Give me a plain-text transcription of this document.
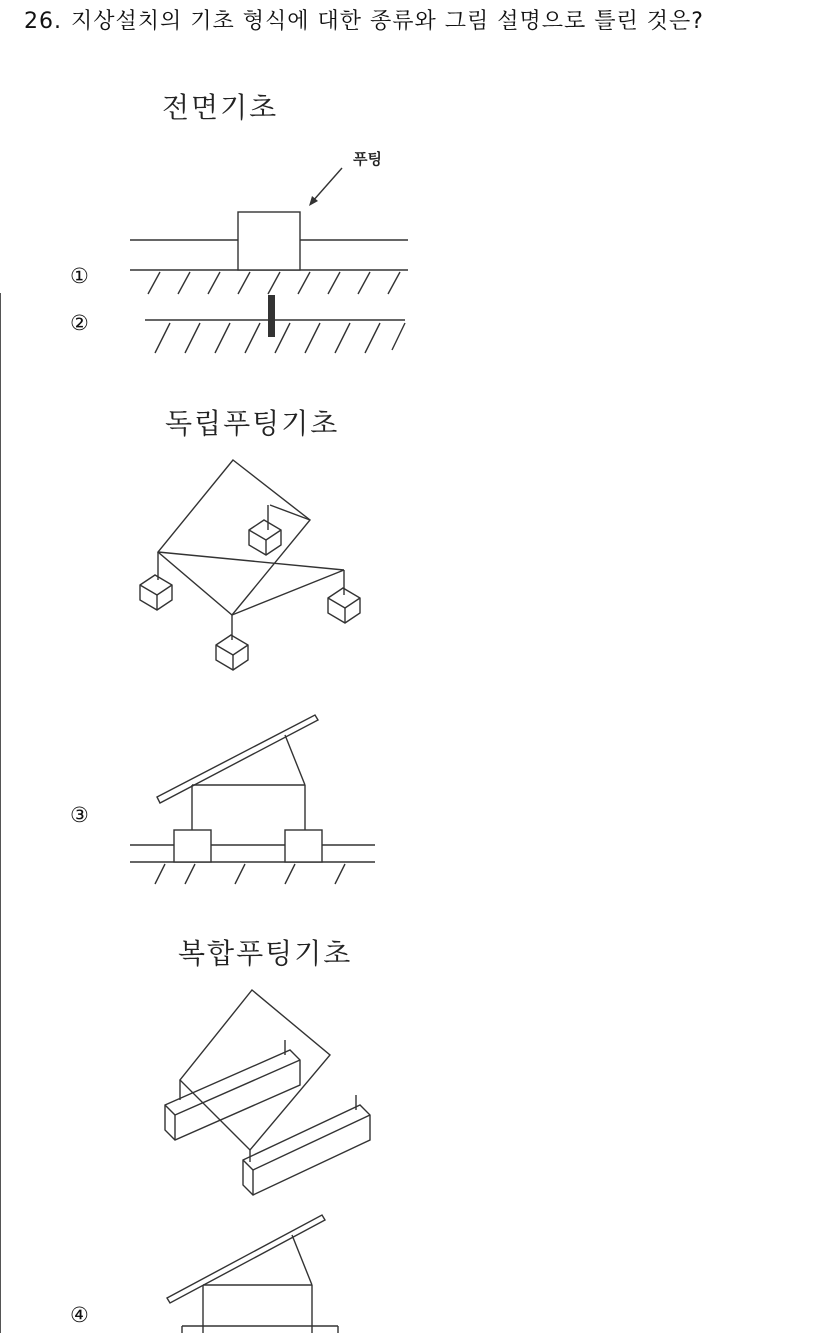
26. 지상설치의 기초 형식에 대한 종류와 그림 설명으로 틀린 것은?
전면기초
독립푸팅기초
복합푸팅기초
푸팅
①
②
③
④
